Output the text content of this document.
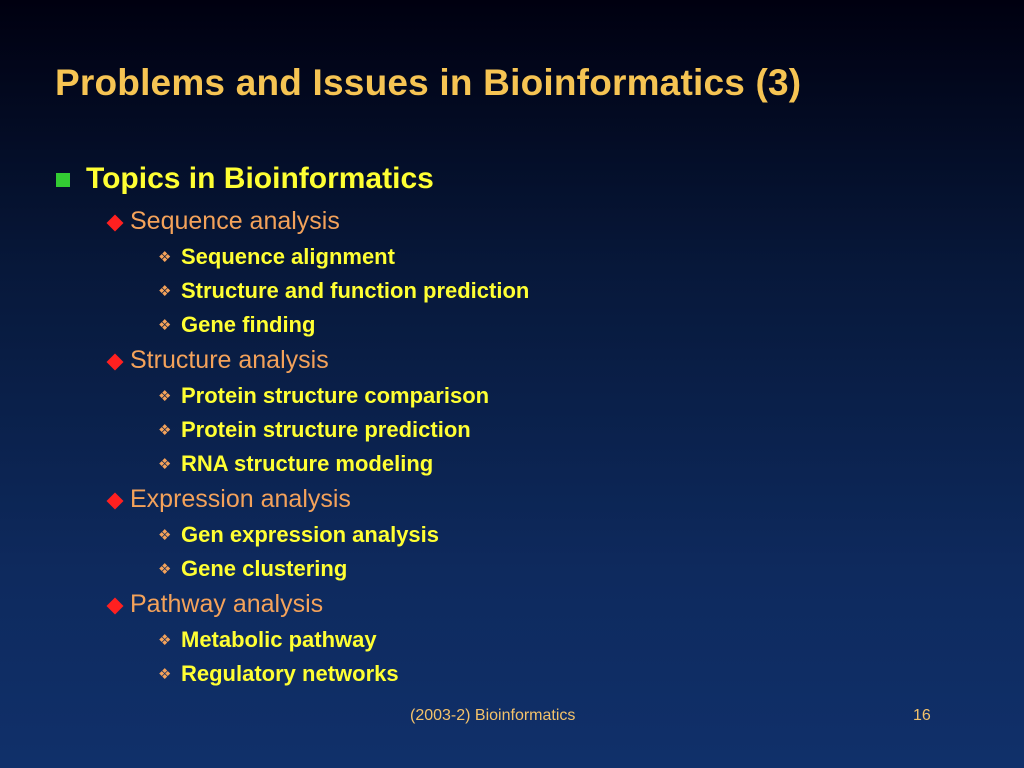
Problems and Issues in Bioinformatics (3)
Topics in Bioinformatics
Sequence analysis
❖ Sequence alignment
❖ Structure and function prediction
❖ Gene finding
Structure analysis
❖ Protein structure comparison
❖ Protein structure prediction
❖ RNA structure modeling
Expression analysis
❖ Gen expression analysis
❖ Gene clustering
Pathway analysis
❖ Metabolic pathway
❖ Regulatory networks
(2003-2) Bioinformatics	16
